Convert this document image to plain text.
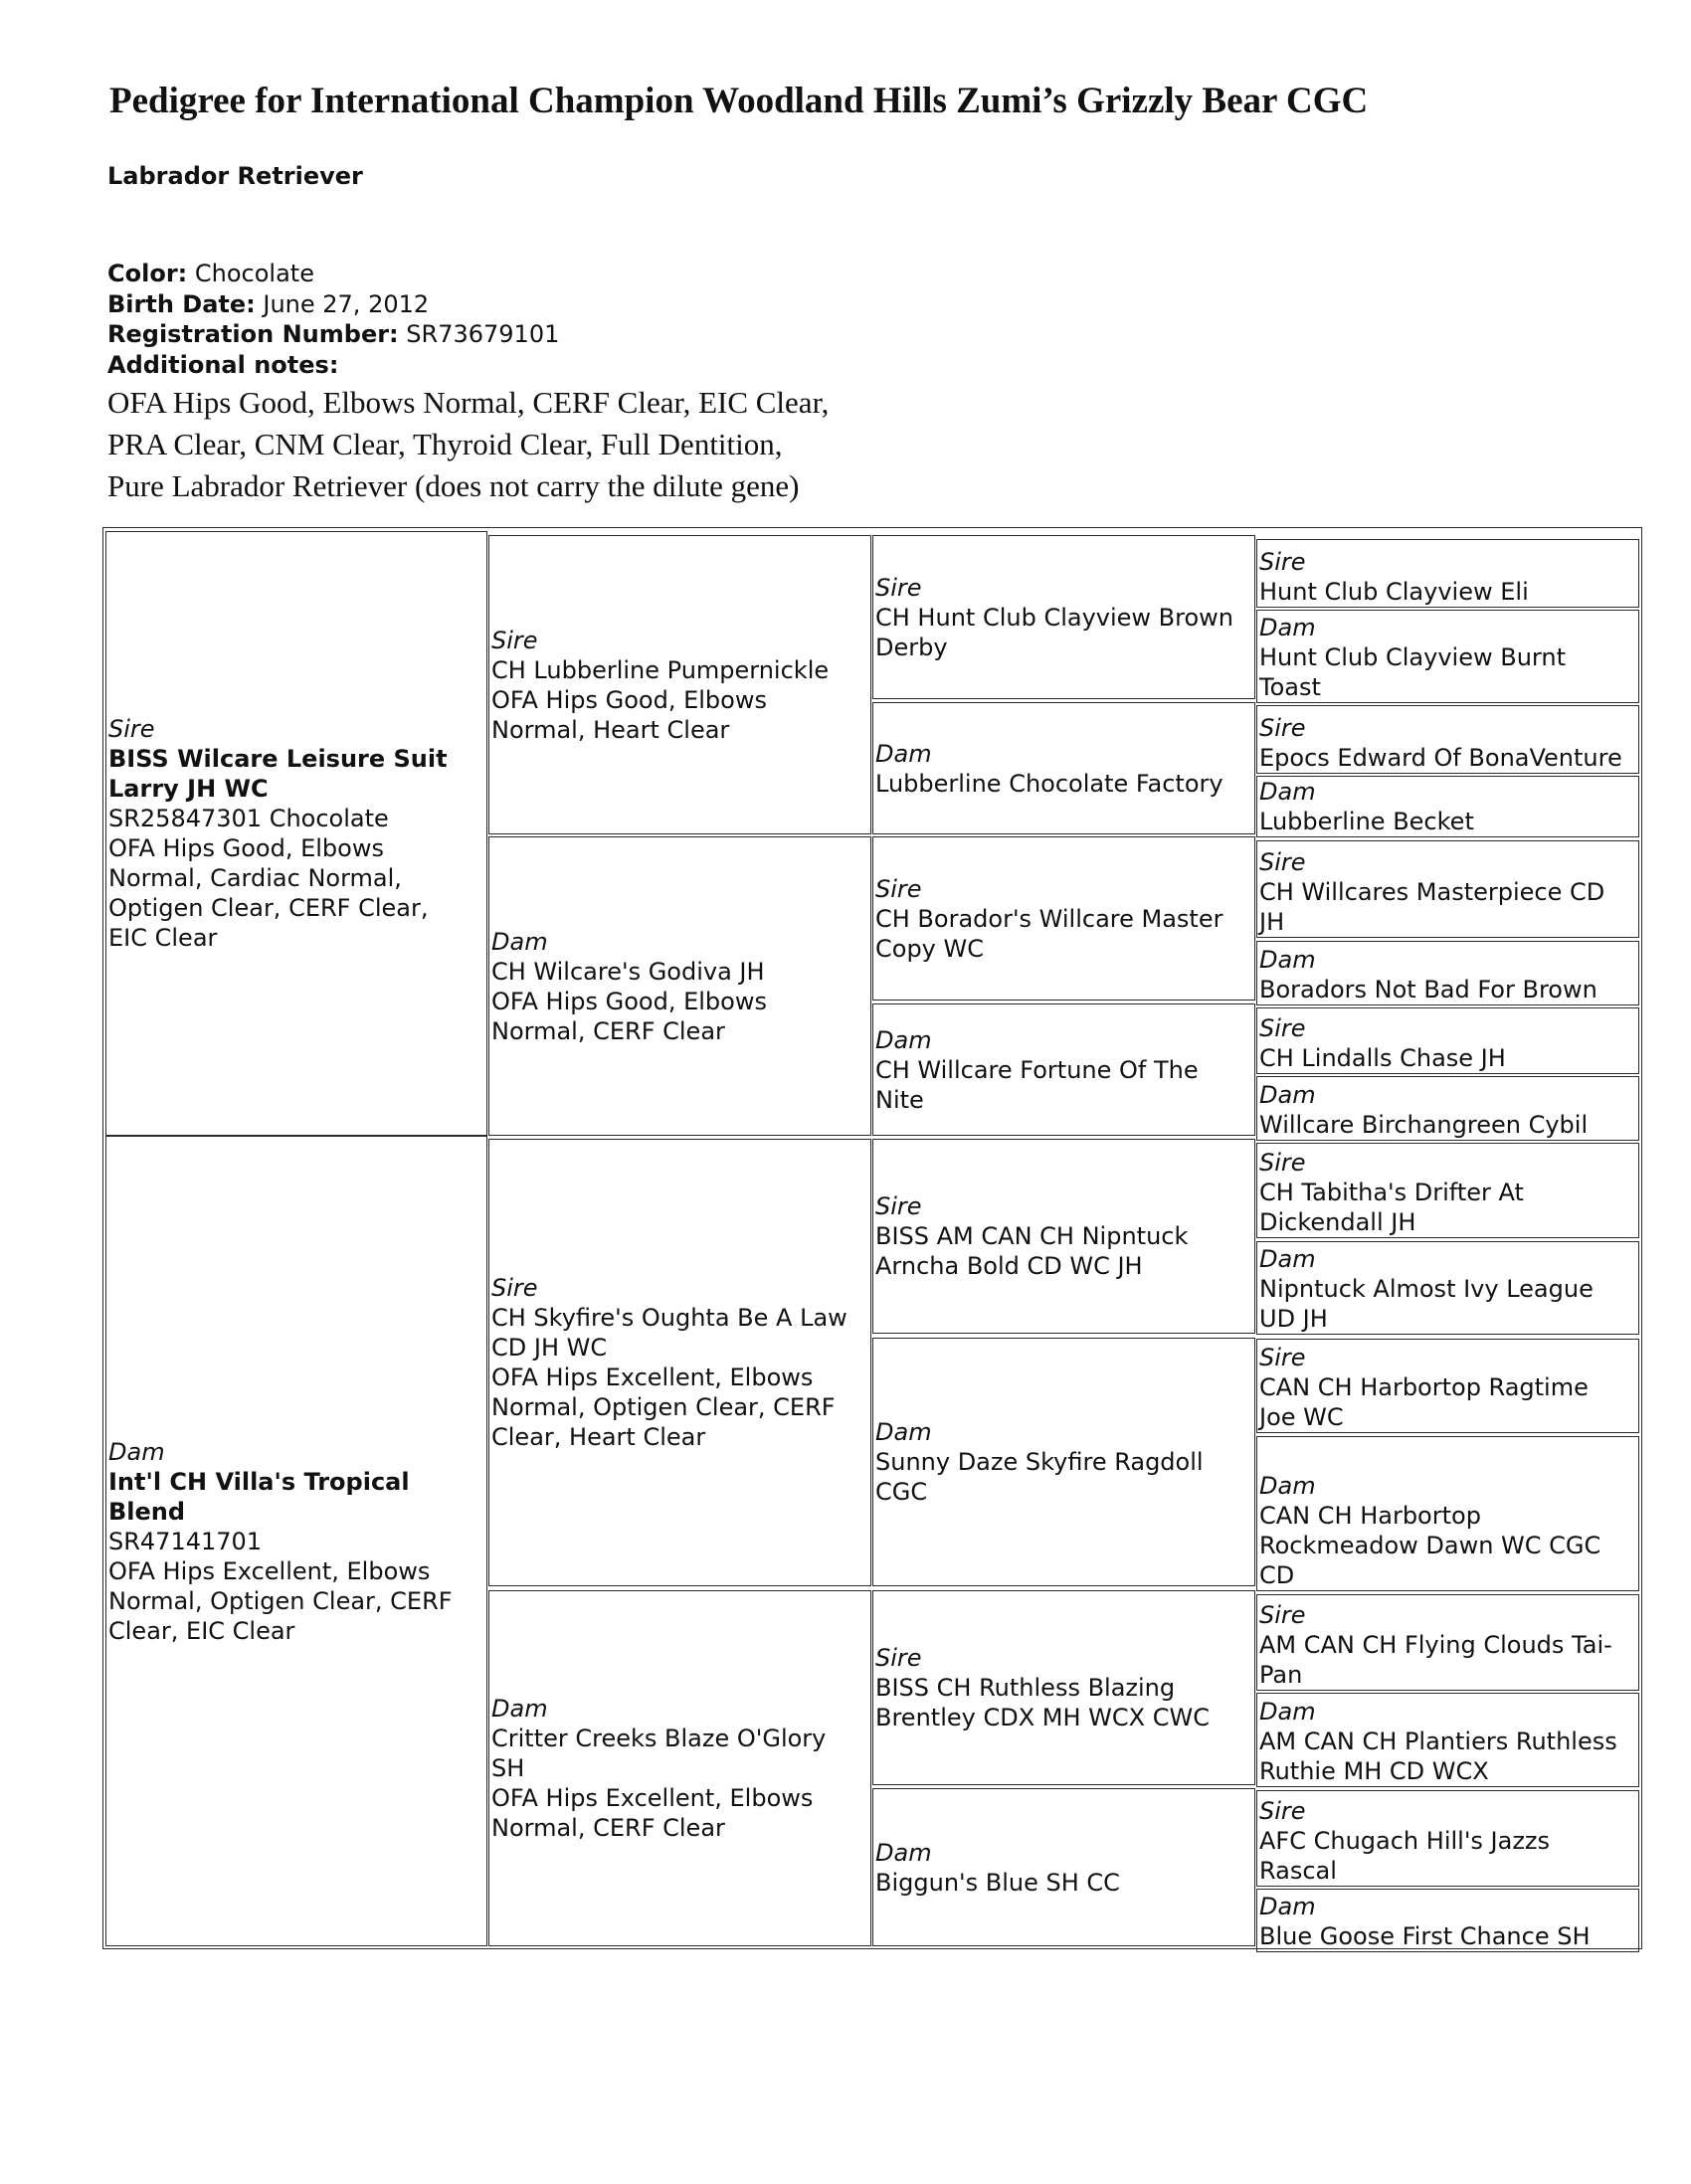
Pedigree for International Champion Woodland Hills Zumi’s Grizzly Bear CGC
Labrador Retriever
Color: Chocolate
Birth Date: June 27, 2012
Registration Number: SR73679101
Additional notes:
OFA Hips Good, Elbows Normal, CERF Clear, EIC Clear,
PRA Clear, CNM Clear, Thyroid Clear, Full Dentition,
Pure Labrador Retriever (does not carry the dilute gene)
Sire
BISS Wilcare Leisure Suit
Larry JH WC
SR25847301 Chocolate
OFA Hips Good, Elbows
Normal, Cardiac Normal,
Optigen Clear, CERF Clear,
EIC Clear
Dam
Int'l CH Villa's Tropical
Blend
SR47141701
OFA Hips Excellent, Elbows
Normal, Optigen Clear, CERF
Clear, EIC Clear
Sire
CH Lubberline Pumpernickle
OFA Hips Good, Elbows
Normal, Heart Clear
Dam
CH Wilcare's Godiva JH
OFA Hips Good, Elbows
Normal, CERF Clear
Sire
CH Skyfire's Oughta Be A Law
CD JH WC
OFA Hips Excellent, Elbows
Normal, Optigen Clear, CERF
Clear, Heart Clear
Dam
Critter Creeks Blaze O'Glory
SH
OFA Hips Excellent, Elbows
Normal, CERF Clear
Sire
CH Hunt Club Clayview Brown
Derby
Dam
Lubberline Chocolate Factory
Sire
CH Borador's Willcare Master
Copy WC
Dam
CH Willcare Fortune Of The
Nite
Sire
BISS AM CAN CH Nipntuck
Arncha Bold CD WC JH
Dam
Sunny Daze Skyfire Ragdoll
CGC
Sire
BISS CH Ruthless Blazing
Brentley CDX MH WCX CWC
Dam
Biggun's Blue SH CC
Sire
Hunt Club Clayview Eli
Dam
Hunt Club Clayview Burnt
Toast
Sire
Epocs Edward Of BonaVenture
Dam
Lubberline Becket
Sire
CH Willcares Masterpiece CD
JH
Dam
Boradors Not Bad For Brown
Sire
CH Lindalls Chase JH
Dam
Willcare Birchangreen Cybil
Sire
CH Tabitha's Drifter At
Dickendall JH
Dam
Nipntuck Almost Ivy League
UD JH
Sire
CAN CH Harbortop Ragtime
Joe WC
Dam
CAN CH Harbortop
Rockmeadow Dawn WC CGC
CD
Sire
AM CAN CH Flying Clouds Tai-
Pan
Dam
AM CAN CH Plantiers Ruthless
Ruthie MH CD WCX
Sire
AFC Chugach Hill's Jazzs
Rascal
Dam
Blue Goose First Chance SH
